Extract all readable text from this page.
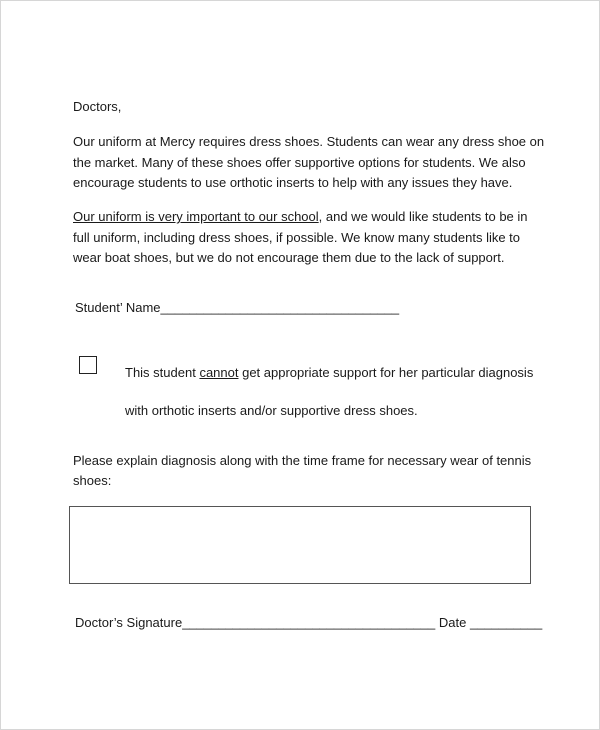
Doctors,

Our uniform at Mercy requires dress shoes. Students can wear any dress shoe on
the market. Many of these shoes offer supportive options for students. We also
encourage students to use orthotic inserts to help with any issues they have.

Our uniform is very important to our school, and we would like students to be in
full uniform, including dress shoes, if possible. We know many students like to
wear boat shoes, but we do not encourage them due to the lack of support.

Student’ Name_________________________________

This student cannot get appropriate support for her particular diagnosis

with orthotic inserts and/or supportive dress shoes.

Please explain diagnosis along with the time frame for necessary wear of tennis

shoes:

Doctor’s Signature___________________________________ Date __________
